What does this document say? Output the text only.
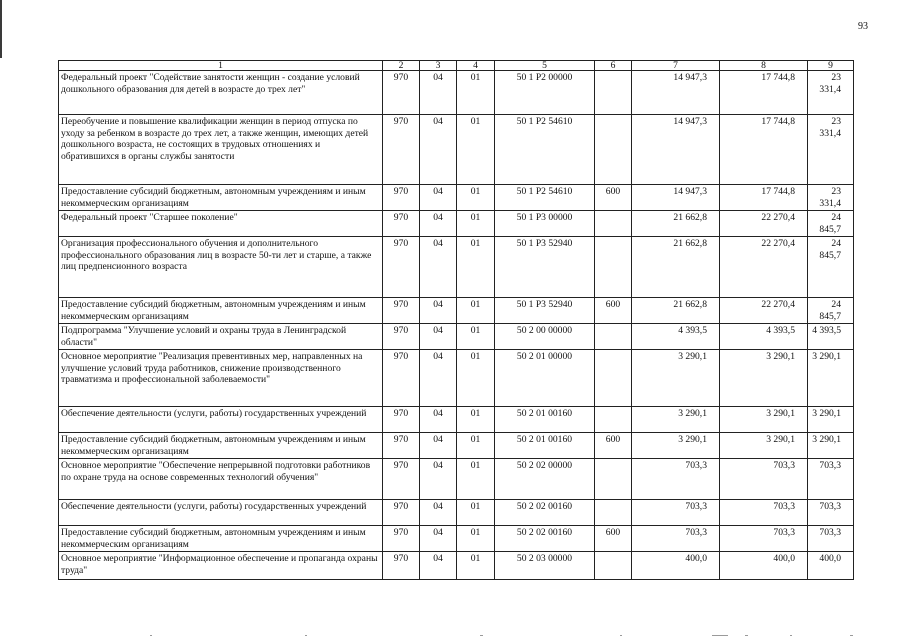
93
1	2	3	4	5	6	7	8	9
Федеральный проект "Содействие занятости женщин - создание условий дошкольного образования для детей в возрасте до трех лет"	970	04	01	50 1 P2 00000		14 947,3	17 744,8	23 331,4
Переобучение и повышение квалификации женщин в период отпуска по уходу за ребенком в возрасте до трех лет, а также женщин, имеющих детей дошкольного возраста, не состоящих в трудовых отношениях и обратившихся в органы службы занятости	970	04	01	50 1 P2 54610		14 947,3	17 744,8	23 331,4
Предоставление субсидий бюджетным, автономным учреждениям и иным некоммерческим организациям	970	04	01	50 1 P2 54610	600	14 947,3	17 744,8	23 331,4
Федеральный проект "Старшее поколение"	970	04	01	50 1 P3 00000		21 662,8	22 270,4	24 845,7
Организация профессионального обучения и дополнительного профессионального образования лиц в возрасте 50-ти лет и старше, а также лиц предпенсионного возраста	970	04	01	50 1 P3 52940		21 662,8	22 270,4	24 845,7
Предоставление субсидий бюджетным, автономным учреждениям и иным некоммерческим организациям	970	04	01	50 1 P3 52940	600	21 662,8	22 270,4	24 845,7
Подпрограмма "Улучшение условий и охраны труда в Ленинградской области"	970	04	01	50 2 00 00000		4 393,5	4 393,5	4 393,5
Основное мероприятие "Реализация превентивных мер, направленных на улучшение условий труда работников, снижение производственного травматизма и профессиональной заболеваемости"	970	04	01	50 2 01 00000		3 290,1	3 290,1	3 290,1
Обеспечение деятельности (услуги, работы) государственных учреждений	970	04	01	50 2 01 00160		3 290,1	3 290,1	3 290,1
Предоставление субсидий бюджетным, автономным учреждениям и иным некоммерческим организациям	970	04	01	50 2 01 00160	600	3 290,1	3 290,1	3 290,1
Основное мероприятие "Обеспечение непрерывной подготовки работников по охране труда на основе современных технологий обучения"	970	04	01	50 2 02 00000		703,3	703,3	703,3
Обеспечение деятельности (услуги, работы) государственных учреждений	970	04	01	50 2 02 00160		703,3	703,3	703,3
Предоставление субсидий бюджетным, автономным учреждениям и иным некоммерческим организациям	970	04	01	50 2 02 00160	600	703,3	703,3	703,3
Основное мероприятие "Информационное обеспечение и пропаганда охраны труда"	970	04	01	50 2 03 00000		400,0	400,0	400,0
